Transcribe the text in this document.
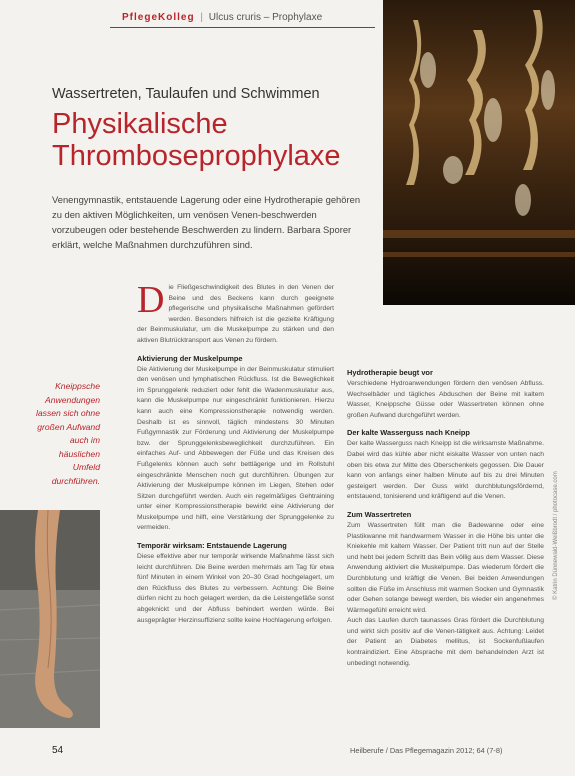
PflegeKolleg | Ulcus cruris – Prophylaxe
Wassertreten, Taulaufen und Schwimmen
Physikalische
Thromboseprophylaxe

Venengymnastik, entstauende Lagerung oder eine Hydrotherapie gehören zu den aktiven Möglichkeiten, um venösen Venen-beschwerden vorzubeugen oder bestehende Beschwerden zu lindern. Barbara Sporer erklärt, welche Maßnahmen durchzuführen sind.

Kneippsche Anwendungen lassen sich ohne großen Aufwand auch im häuslichen Umfeld durchführen.

Die Fließgeschwindigkeit des Blutes in den Venen der Beine und des Beckens kann durch geeignete pflegerische und physikalische Maßnahmen gefördert werden. Besonders hilfreich ist die gezielte Kräftigung der Beinmuskulatur, um die Muskelpumpe zu stärken und den aktiven Blutrücktransport aus Venen zu fördern.

Aktivierung der Muskelpumpe

Die Aktivierung der Muskelpumpe in der Beinmuskulatur stimuliert den venösen und lymphatischen Rückfluss. Ist die Beweglichkeit im Sprunggelenk reduziert oder fehlt die Wadenmuskulatur aus, kann die Muskelpumpe nur eingeschränkt funktionieren. Hierzu kann auch eine Kompressionstherapie notwendig werden. Deshalb ist es sinnvoll, täglich mindestens 30 Minuten Fußgymnastik zur Förderung und Aktivierung der Muskelpumpe bzw. der Sprunggelenksbeweglichkeit durchzuführen. Ein einfaches Auf- und Abbewegen der Füße und das Kreisen des Fußgelenks können auch sehr bettlägerige und im Rollstuhl eingeschränkte Menschen noch gut durchführen. Übungen zur Aktivierung der Muskelpumpe können im Liegen, Stehen oder Sitzen durchgeführt werden. Auch ein regelmäßiges Gehtraining unter einer Kompressionstherapie bewirkt eine Aktivierung der Muskelpumpe und hilft, eine Verstärkung der Sprunggelenke zu vermeiden.

Temporär wirksam: Entstauende Lagerung

Diese effektive aber nur temporär wirkende Maßnahme lässt sich leicht durchführen. Die Beine werden mehrmals am Tag für etwa fünf Minuten in einem Winkel von 20–30 Grad hochgelagert, um den Rückfluss des Blutes zu verbessern. Achtung: Die Beine dürfen nicht zu hoch gelagert werden, da die Leistengefäße sonst abgeknickt und der Abfluss behindert werden würde. Bei ausgeprägter Herzinsuffizienz sollte keine Hochlagerung erfolgen.

Hydrotherapie beugt vor

Verschiedene Hydroanwendungen fördern den venösen Abfluss. Wechselbäder und tägliches Abduschen der Beine mit kaltem Wasser, Kneippsche Güsse oder Wassertreten können ohne großen Aufwand durchgeführt werden.

Der kalte Wasserguss nach Kneipp

Der kalte Wasserguss nach Kneipp ist die wirksamste Maßnahme. Dabei wird das kühle aber nicht eiskalte Wasser von unten nach oben bis etwa zur Mitte des Oberschenkels gegossen. Die Dauer kann von anfangs einer halben Minute auf bis zu drei Minuten gesteigert werden. Der Guss wirkt durchblutungsfördernd, entstauend, tonisierend und kräftigend auf die Venen.

Zum Wassertreten

Zum Wassertreten füllt man die Badewanne oder eine Plastikwanne mit handwarmem Wasser in die Höhe bis unter die Kniekehle mit kaltem Wasser. Der Patient tritt nun auf der Stelle und hebt bei jedem Schritt das Bein völlig aus dem Wasser. Diese Anwendung aktiviert die Muskelpumpe. Das wiederum fördert die Durchblutung und kräftigt die Venen. Bei beiden Anwendungen sollten die Füße im Anschluss mit warmen Socken und Gymnastik oder Gehen solange bewegt werden, bis wieder ein angenehmes Wärmegefühl erreicht wird.

Auch das Laufen durch taunasses Gras fördert die Durchblutung und wirkt sich positiv auf die Venen-tätigkeit aus. Achtung: Leidet der Patient an Diabetes mellitus, ist Sockenfußlaufen kontraindiziert. Eine Absprache mit dem behandelnden Arzt ist unbedingt notwendig.

54	Heilberufe / Das Pflegemagazin 2012; 64 (7-8)
© Katrin Dünnewald-Weißbrodt / photocase.com
